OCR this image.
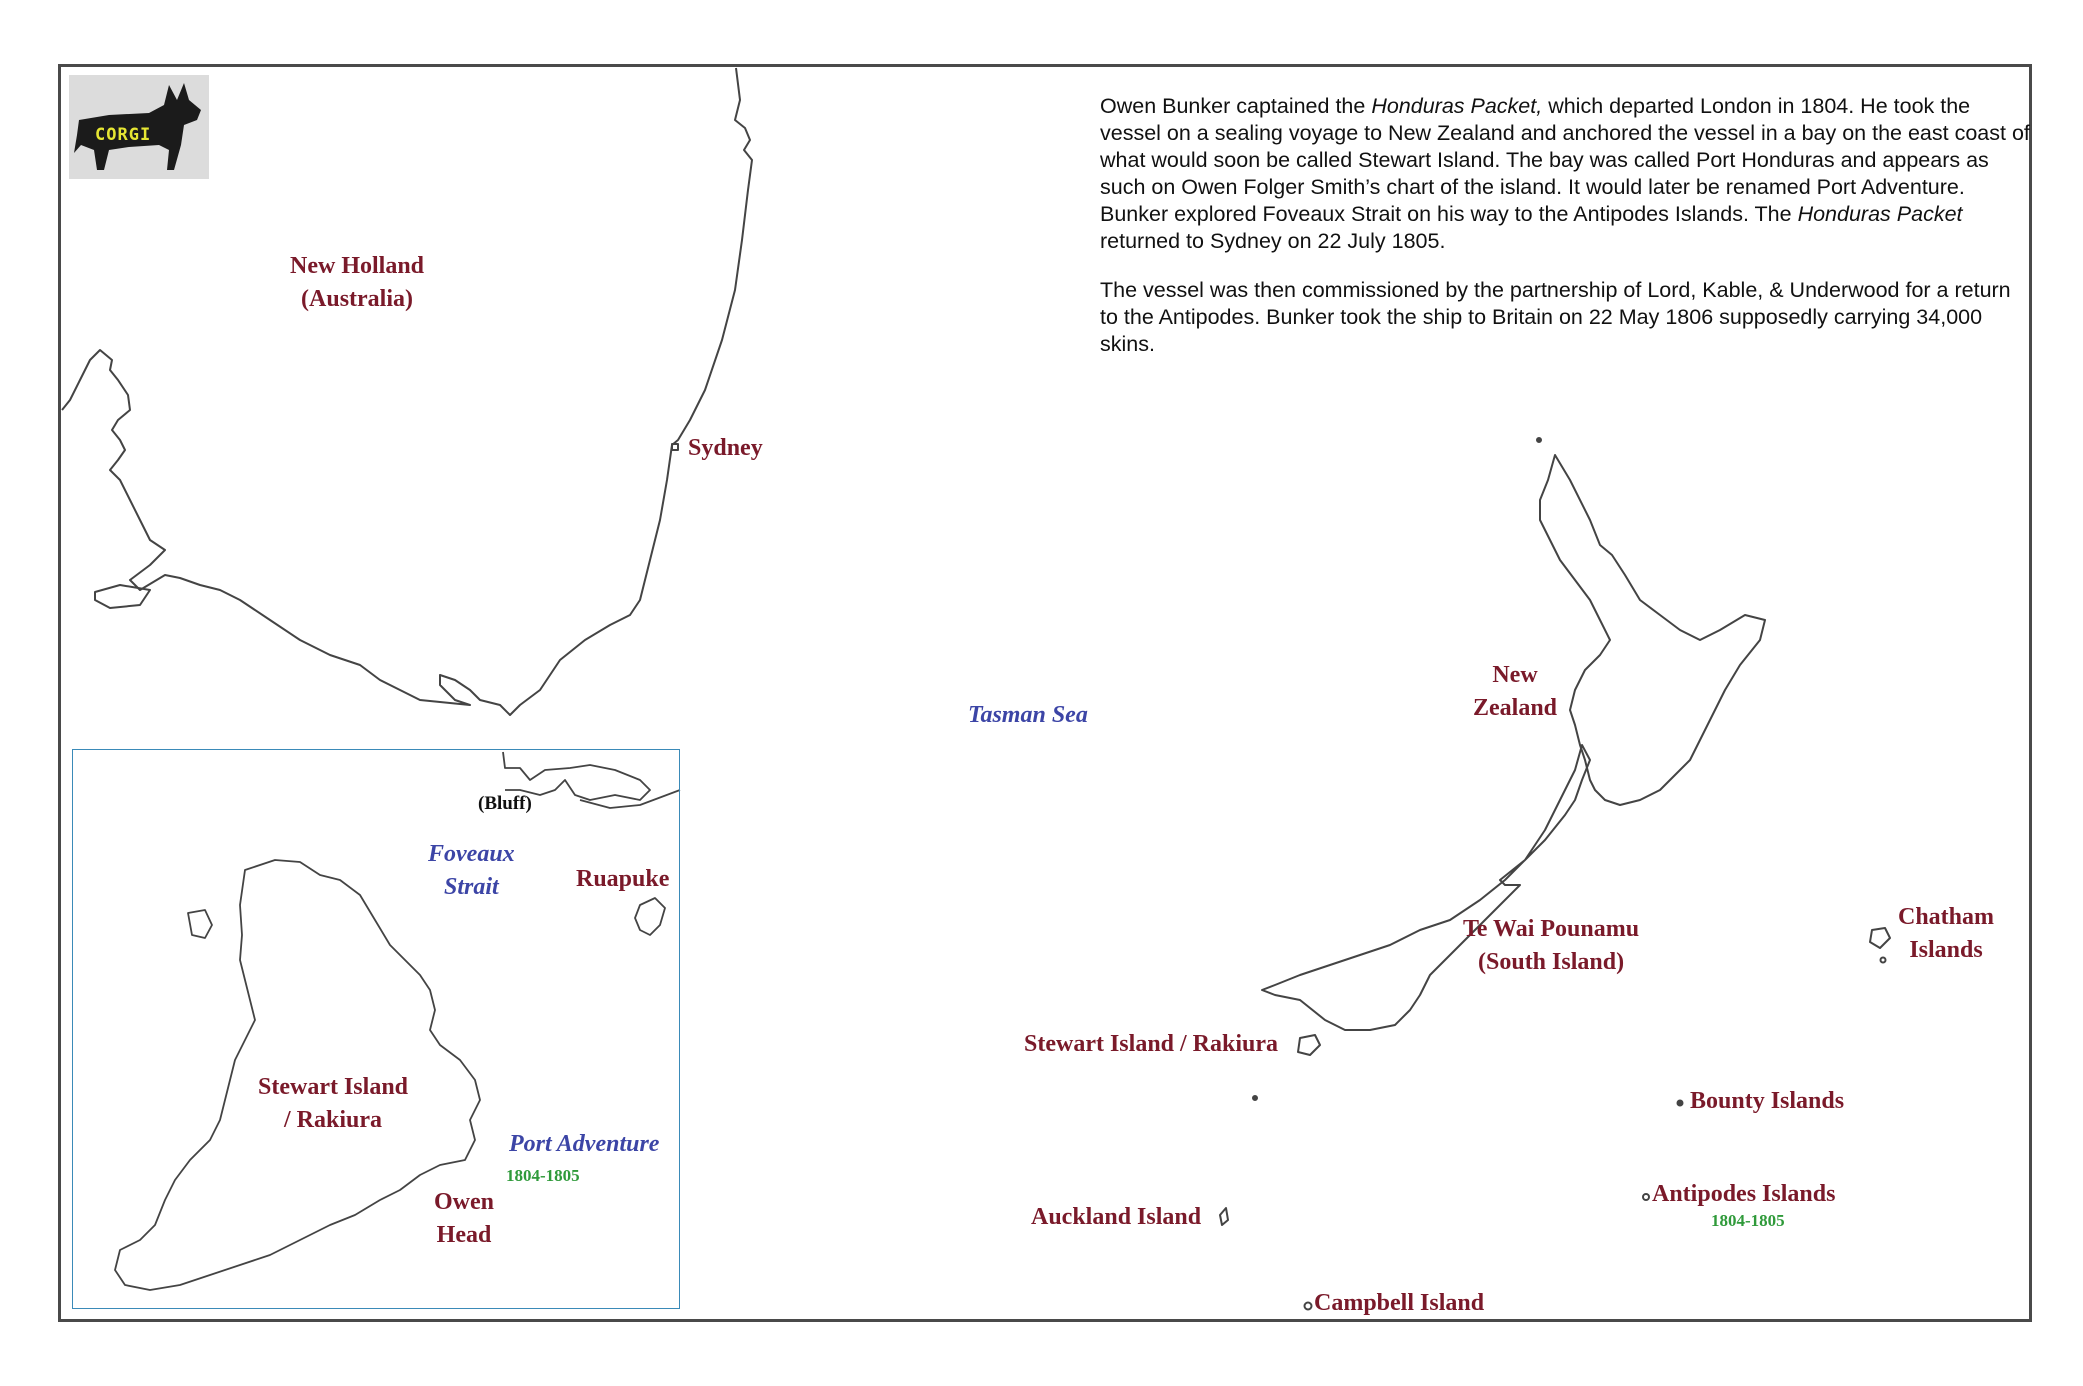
CORGI

Owen Bunker captained the Honduras Packet, which departed London in 1804. He took the vessel on a sealing voyage to New Zealand and anchored the vessel in a bay on the east coast of what would soon be called Stewart Island. The bay was called Port Honduras and appears as such on Owen Folger Smith’s chart of the island. It would later be renamed Port Adventure. Bunker explored Foveaux Strait on his way to the Antipodes Islands. The Honduras Packet returned to Sydney on 22 July 1805.

The vessel was then commissioned by the partnership of Lord, Kable, & Underwood for a return to the Antipodes. Bunker took the ship to Britain on 22 May 1806 supposedly carrying 34,000 skins.

New Holland
(Australia)
Sydney
Tasman Sea
New
Zealand
Te Wai Pounamu
(South Island)
Stewart Island / Rakiura
Chatham
Islands
Bounty Islands
Antipodes Islands
1804-1805
Auckland Island
Campbell Island
(Bluff)
Foveaux
Strait	Ruapuke
Stewart Island
/ Rakiura
Port Adventure
1804-1805
Owen
Head
